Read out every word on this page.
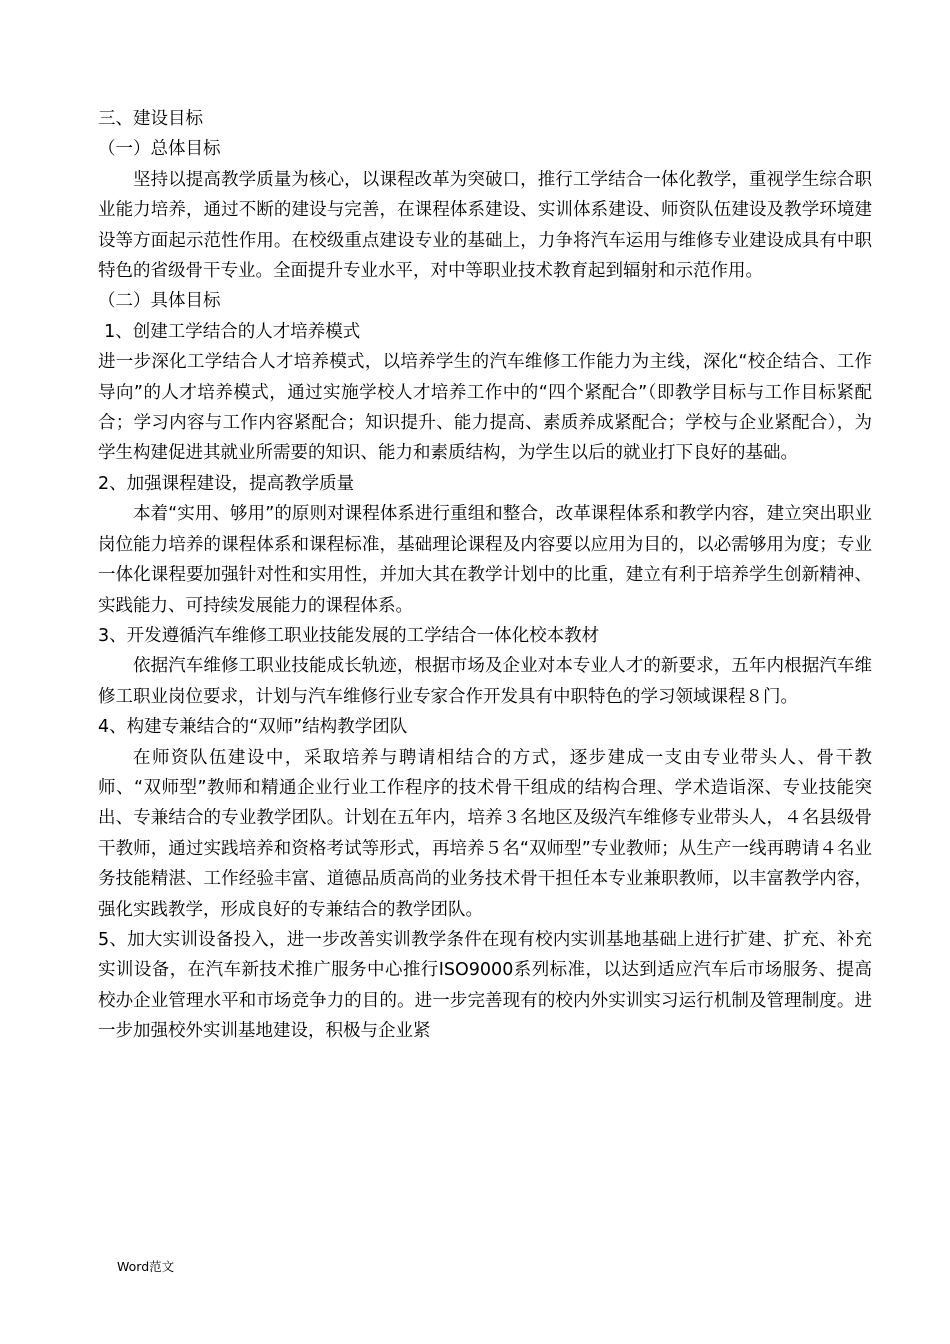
三、建设目标

（一）总体目标

坚持以提高教学质量为核心，以课程改革为突破口，推行工学结合一体化教学，重视学生综合职业能力培养，通过不断的建设与完善，在课程体系建设、实训体系建设、师资队伍建设及教学环境建设等方面起示范性作用。在校级重点建设专业的基础上，力争将汽车运用与维修专业建设成具有中职特色的省级骨干专业。全面提升专业水平，对中等职业技术教育起到辐射和示范作用。

（二）具体目标

1、创建工学结合的人才培养模式

进一步深化工学结合人才培养模式，以培养学生的汽车维修工作能力为主线，深化“校企结合、工作导向”的人才培养模式，通过实施学校人才培养工作中的“四个紧配合”（即教学目标与工作目标紧配合；学习内容与工作内容紧配合；知识提升、能力提高、素质养成紧配合；学校与企业紧配合），为学生构建促进其就业所需要的知识、能力和素质结构，为学生以后的就业打下良好的基础。

2、加强课程建设，提高教学质量

本着“实用、够用”的原则对课程体系进行重组和整合，改革课程体系和教学内容，建立突出职业岗位能力培养的课程体系和课程标准，基础理论课程及内容要以应用为目的，以必需够用为度；专业一体化课程要加强针对性和实用性，并加大其在教学计划中的比重，建立有利于培养学生创新精神、实践能力、可持续发展能力的课程体系。

3、开发遵循汽车维修工职业技能发展的工学结合一体化校本教材

依据汽车维修工职业技能成长轨迹，根据市场及企业对本专业人才的新要求，五年内根据汽车维修工职业岗位要求，计划与汽车维修行业专家合作开发具有中职特色的学习领域课程８门。

4、构建专兼结合的“双师”结构教学团队

在师资队伍建设中，采取培养与聘请相结合的方式，逐步建成一支由专业带头人、骨干教师、“双师型”教师和精通企业行业工作程序的技术骨干组成的结构合理、学术造诣深、专业技能突出、专兼结合的专业教学团队。计划在五年内，培养３名地区及级汽车维修专业带头人，４名县级骨干教师，通过实践培养和资格考试等形式，再培养５名“双师型”专业教师；从生产一线再聘请４名业务技能精湛、工作经验丰富、道德品质高尚的业务技术骨干担任本专业兼职教师，以丰富教学内容，强化实践教学，形成良好的专兼结合的教学团队。

5、加大实训设备投入，进一步改善实训教学条件在现有校内实训基地基础上进行扩建、扩充、补充实训设备，在汽车新技术推广服务中心推行ISO9000系列标准，以达到适应汽车后市场服务、提高校办企业管理水平和市场竞争力的目的。进一步完善现有的校内外实训实习运行机制及管理制度。进一步加强校外实训基地建设，积极与企业紧

Word范文
